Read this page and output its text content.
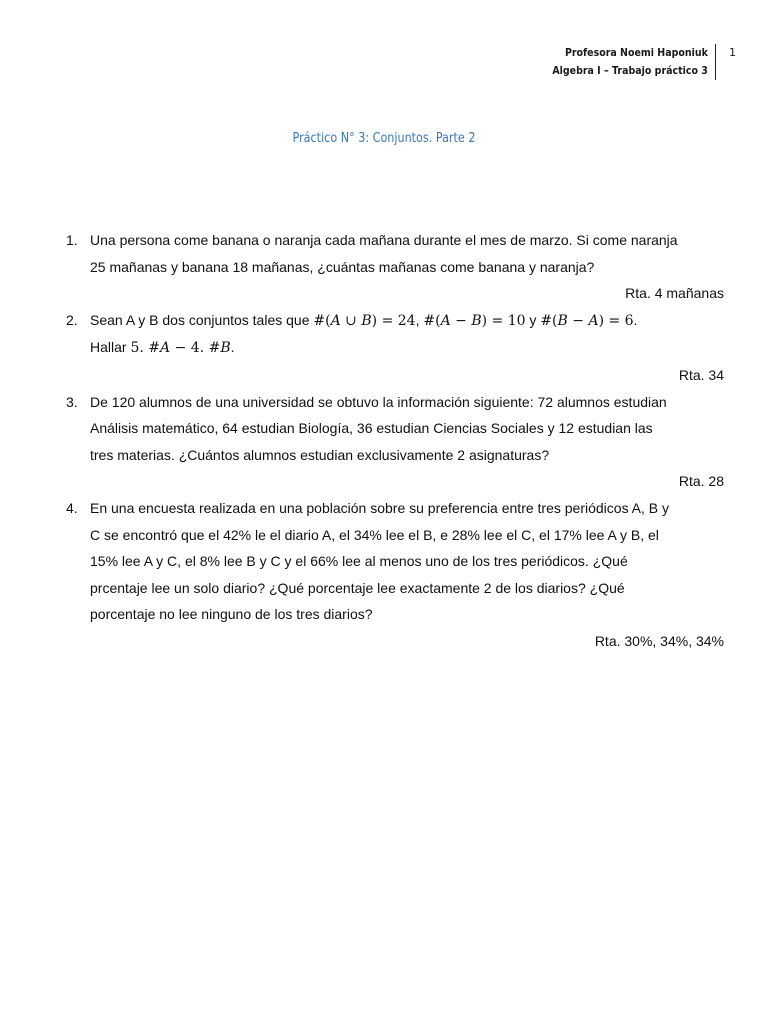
Profesora Noemi Haponiuk
Algebra I – Trabajo práctico 3
1
Práctico N° 3: Conjuntos. Parte 2
1. Una persona come banana o naranja cada mañana durante el mes de marzo. Si come naranja
25 mañanas y banana 18 mañanas, ¿cuántas mañanas come banana y naranja?
Rta. 4 mañanas
2. Sean A y B dos conjuntos tales que #(A ∪ B) = 24, #(A − B) = 10 y #(B − A) = 6.
Hallar 5. #A − 4. #B.
Rta. 34
3. De 120 alumnos de una universidad se obtuvo la información siguiente: 72 alumnos estudian
Análisis matemático, 64 estudian Biología, 36 estudian Ciencias Sociales y 12 estudian las
tres materias. ¿Cuántos alumnos estudian exclusivamente 2 asignaturas?
Rta. 28
4. En una encuesta realizada en una población sobre su preferencia entre tres periódicos A, B y
C se encontró que el 42% le el diario A, el 34% lee el B, e 28% lee el C, el 17% lee A y B, el
15% lee A y C, el 8% lee B y C y el 66% lee al menos uno de los tres periódicos. ¿Qué
prcentaje lee un solo diario? ¿Qué porcentaje lee exactamente 2 de los diarios? ¿Qué
porcentaje no lee ninguno de los tres diarios?
Rta. 30%, 34%, 34%
